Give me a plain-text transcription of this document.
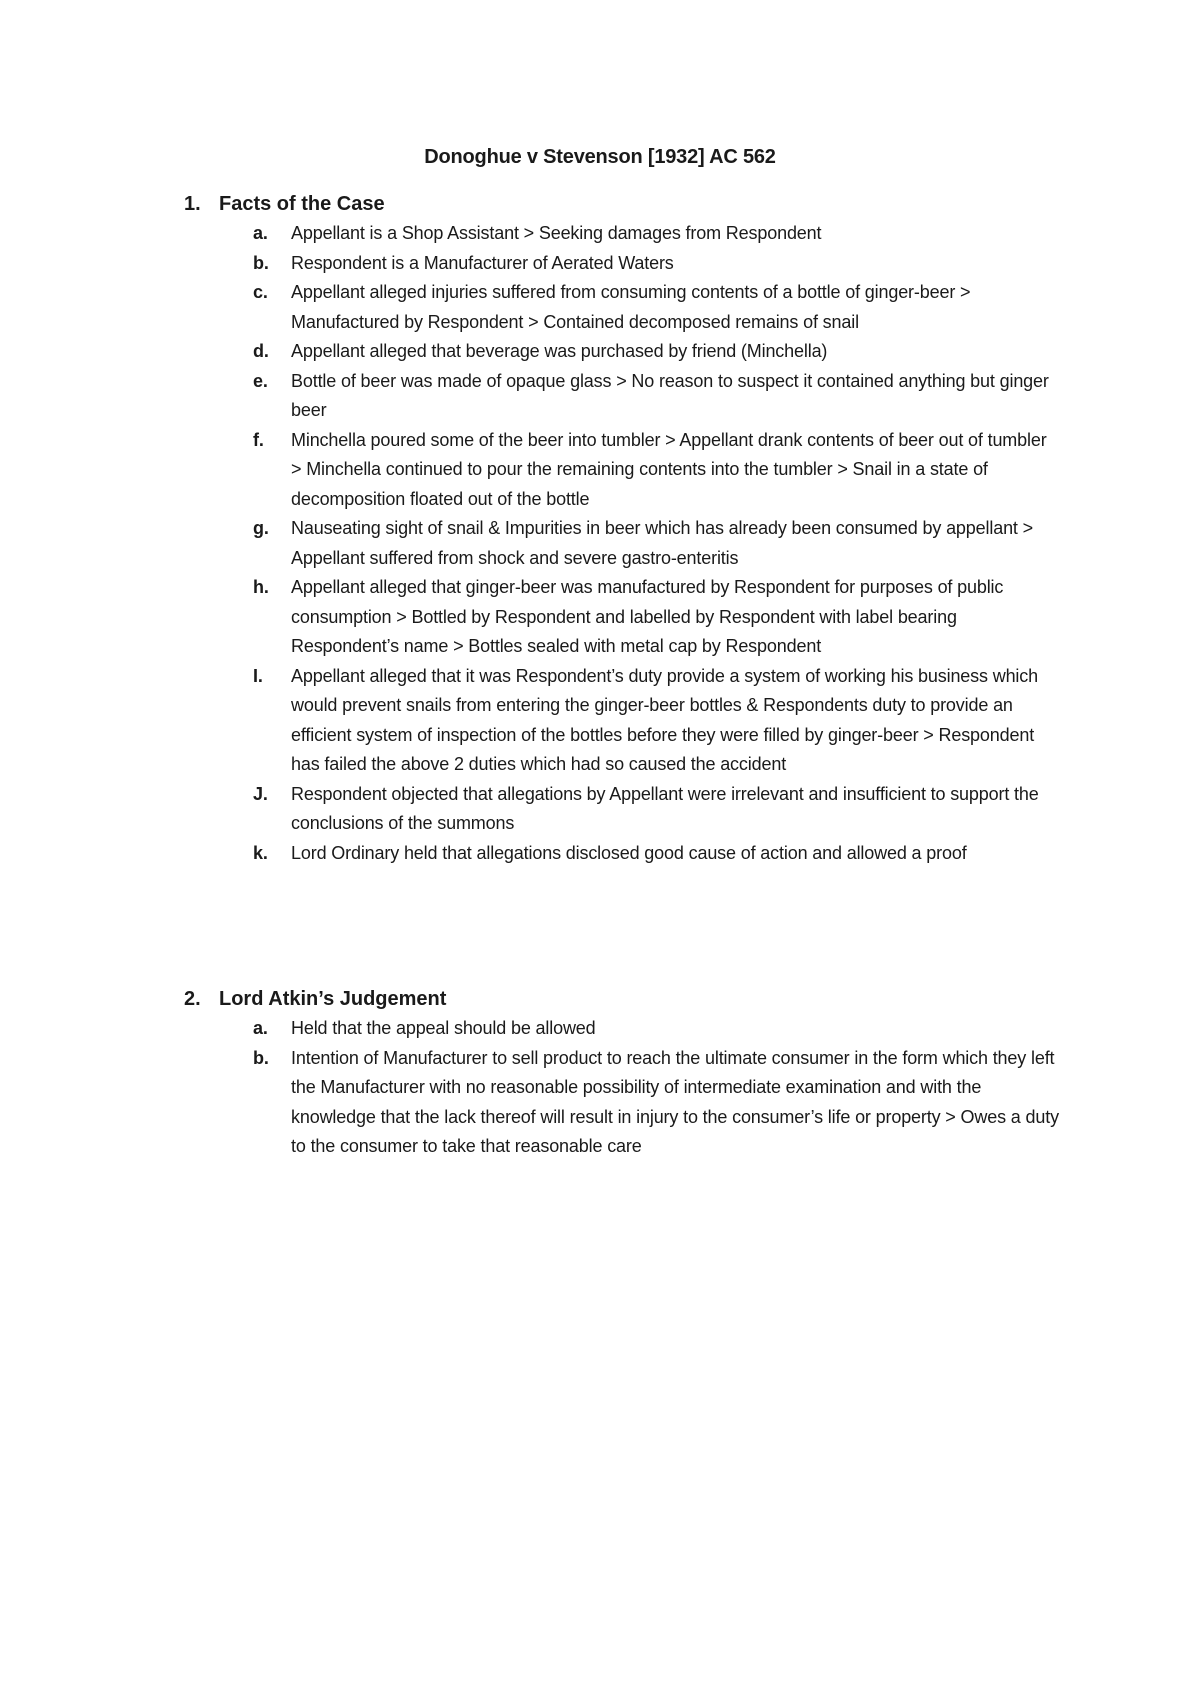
Donoghue v Stevenson [1932] AC 562
1. Facts of the Case
a.	Appellant is a Shop Assistant > Seeking damages from Respondent
b.	Respondent is a Manufacturer of Aerated Waters
c.	Appellant alleged injuries suffered from consuming contents of a bottle of ginger-beer > Manufactured by Respondent > Contained decomposed remains of snail
d.	Appellant alleged that beverage was purchased by friend (Minchella)
e.	Bottle of beer was made of opaque glass > No reason to suspect it contained anything but ginger beer
f.	Minchella poured some of the beer into tumbler > Appellant drank contents of beer out of tumbler > Minchella continued to pour the remaining contents into the tumbler > Snail in a state of decomposition floated out of the bottle
g.	Nauseating sight of snail & Impurities in beer which has already been consumed by appellant > Appellant suffered from shock and severe gastro-enteritis
h.	Appellant alleged that ginger-beer was manufactured by Respondent for purposes of public consumption > Bottled by Respondent and labelled by Respondent with label bearing Respondent’s name > Bottles sealed with metal cap by Respondent
I.	Appellant alleged that it was Respondent’s duty provide a system of working his business which would prevent snails from entering the ginger-beer bottles & Respondents duty to provide an efficient system of inspection of the bottles before they were filled by ginger-beer > Respondent has failed the above 2 duties which had so caused the accident
J.	Respondent objected that allegations by Appellant were irrelevant and insufficient to support the conclusions of the summons
k.	Lord Ordinary held that allegations disclosed good cause of action and allowed a proof
2. Lord Atkin’s Judgement
a.	Held that the appeal should be allowed
b.	Intention of Manufacturer to sell product to reach the ultimate consumer in the form which they left the Manufacturer with no reasonable possibility of intermediate examination and with the knowledge that the lack thereof will result in injury to the consumer’s life or property > Owes a duty to the consumer to take that reasonable care
